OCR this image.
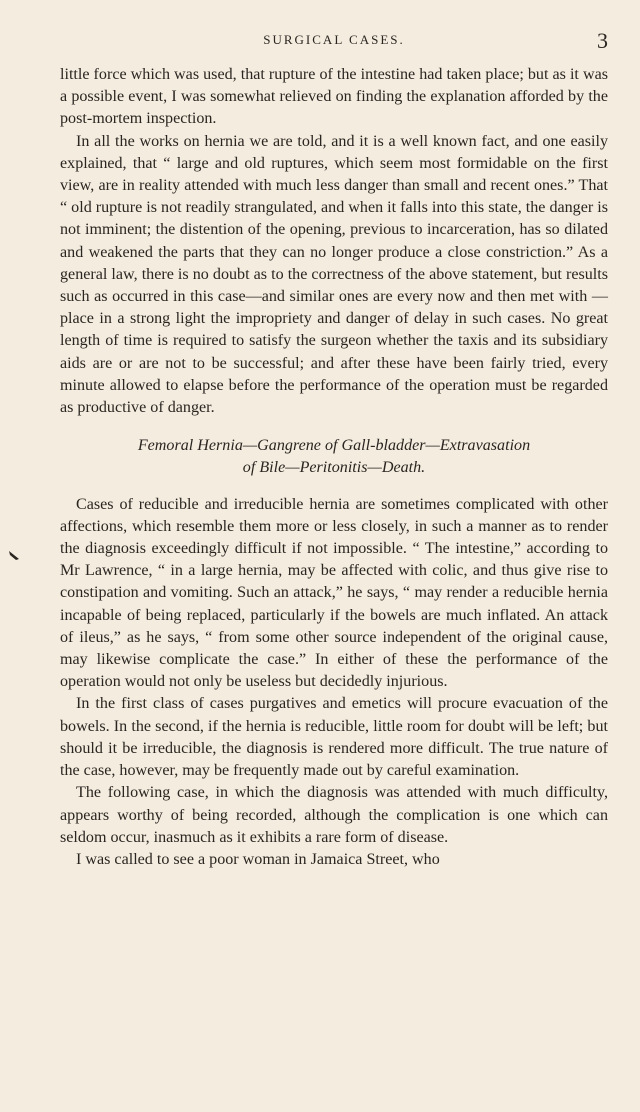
SURGICAL CASES.	3

little force which was used, that rupture of the intestine had taken place; but as it was a possible event, I was somewhat relieved on finding the explanation afforded by the post-mortem inspection.

In all the works on hernia we are told, and it is a well known fact, and one easily explained, that “ large and old ruptures, which seem most formidable on the first view, are in reality attended with much less danger than small and recent ones.” That “ old rupture is not readily strangulated, and when it falls into this state, the danger is not imminent; the distention of the opening, previous to incarceration, has so dilated and weakened the parts that they can no longer produce a close constriction.” As a general law, there is no doubt as to the correctness of the above statement, but results such as occurred in this case—and similar ones are every now and then met with —place in a strong light the impropriety and danger of delay in such cases. No great length of time is required to satisfy the surgeon whether the taxis and its subsidiary aids are or are not to be successful; and after these have been fairly tried, every minute allowed to elapse before the performance of the operation must be regarded as productive of danger.

Femoral Hernia—Gangrene of Gall-bladder—Extravasation
of Bile—Peritonitis—Death.

Cases of reducible and irreducible hernia are sometimes complicated with other affections, which resemble them more or less closely, in such a manner as to render the diagnosis exceedingly difficult if not impossible. “ The intestine,” according to Mr Lawrence, “ in a large hernia, may be affected with colic, and thus give rise to constipation and vomiting. Such an attack,” he says, “ may render a reducible hernia incapable of being replaced, particularly if the bowels are much inflated. An attack of ileus,” as he says, “ from some other source independent of the original cause, may likewise complicate the case.” In either of these the performance of the operation would not only be useless but decidedly injurious.

In the first class of cases purgatives and emetics will procure evacuation of the bowels. In the second, if the hernia is reducible, little room for doubt will be left; but should it be irreducible, the diagnosis is rendered more difficult. The true nature of the case, however, may be frequently made out by careful examination.

The following case, in which the diagnosis was attended with much difficulty, appears worthy of being recorded, although the complication is one which can seldom occur, inasmuch as it exhibits a rare form of disease.

I was called to see a poor woman in Jamaica Street, who
